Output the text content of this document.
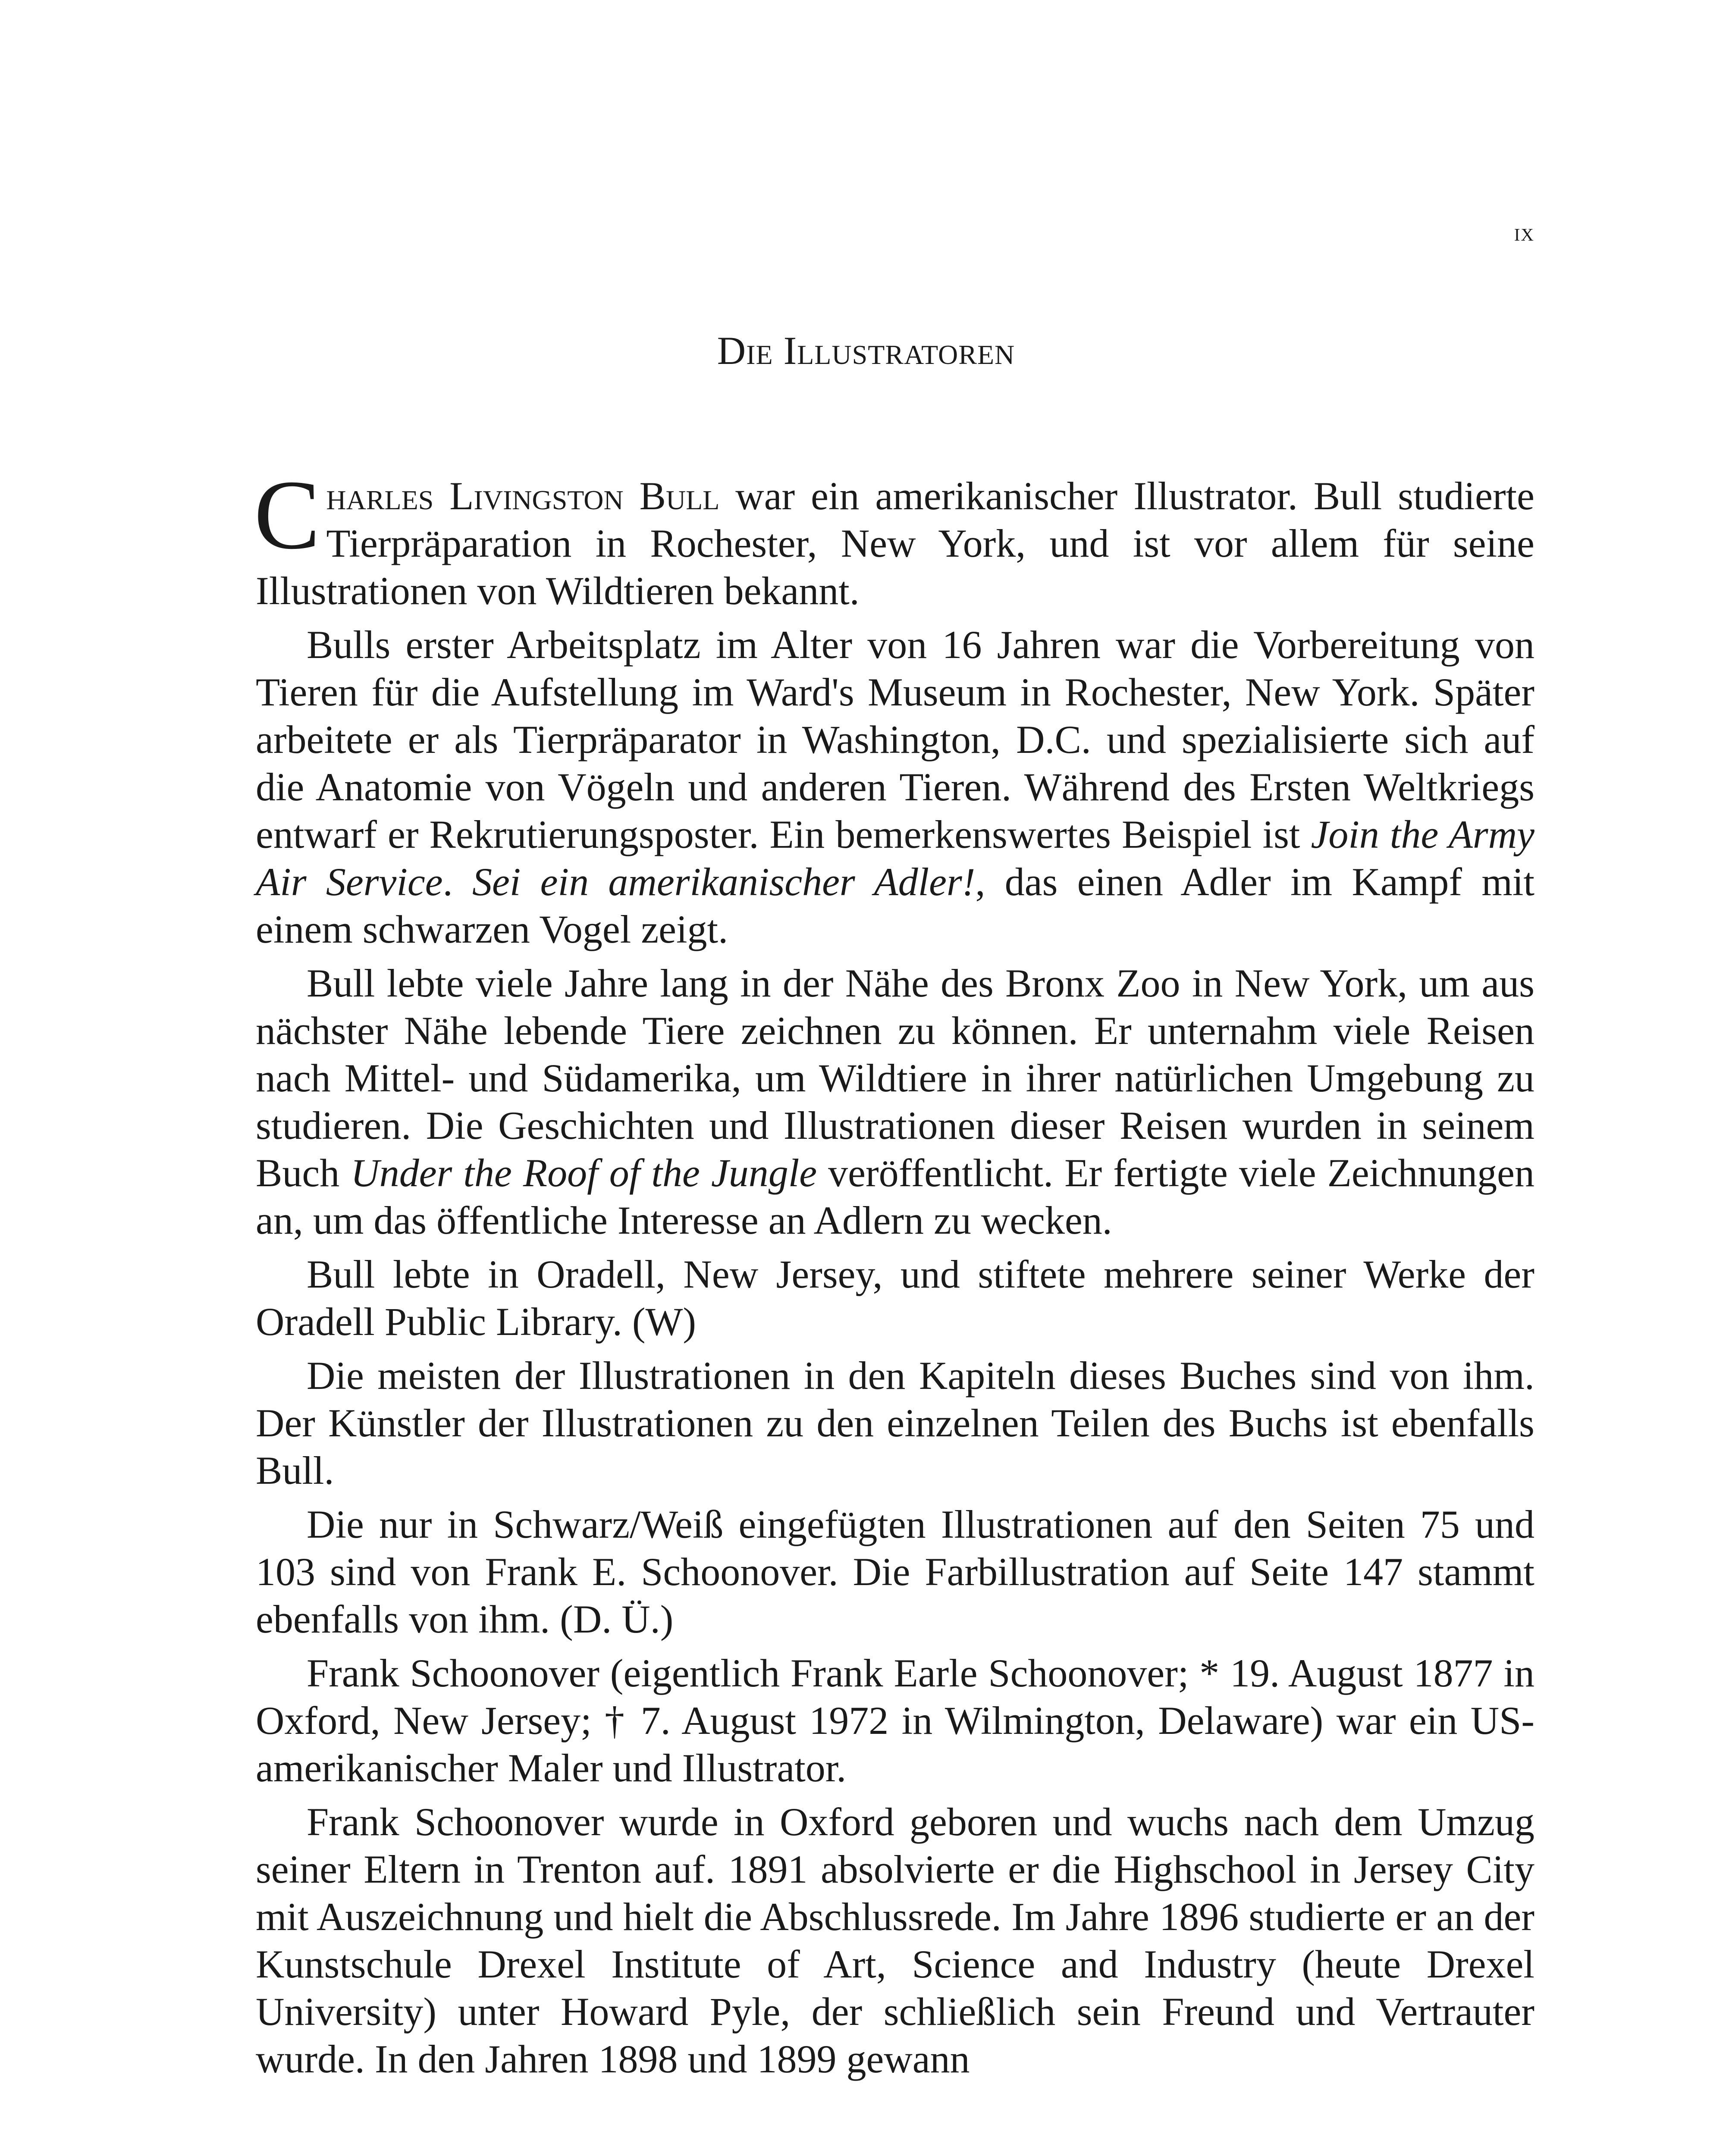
ix
Die Illustratoren

Charles Livingston Bull war ein amerikanischer Illustrator. Bull studierte Tierpräparation in Rochester, New York, und ist vor allem für seine Illustrationen von Wildtieren bekannt.

Bulls erster Arbeitsplatz im Alter von 16 Jahren war die Vorbereitung von Tieren für die Aufstellung im Ward's Museum in Rochester, New York. Später arbeitete er als Tierpräparator in Washington, D.C. und spezialisierte sich auf die Anatomie von Vögeln und anderen Tieren. Während des Ersten Weltkriegs entwarf er Rekrutierungsposter. Ein bemerkenswertes Beispiel ist Join the Army Air Service. Sei ein amerikanischer Adler!, das einen Adler im Kampf mit einem schwarzen Vogel zeigt.

Bull lebte viele Jahre lang in der Nähe des Bronx Zoo in New York, um aus nächster Nähe lebende Tiere zeichnen zu können. Er unternahm viele Reisen nach Mittel- und Südamerika, um Wildtiere in ihrer natürlichen Umgebung zu studieren. Die Geschichten und Illustrationen dieser Reisen wurden in seinem Buch Under the Roof of the Jungle veröffentlicht. Er fertigte viele Zeichnungen an, um das öffentliche Interesse an Adlern zu wecken.

Bull lebte in Oradell, New Jersey, und stiftete mehrere seiner Werke der Oradell Public Library. (W)

Die meisten der Illustrationen in den Kapiteln dieses Buches sind von ihm. Der Künstler der Illustrationen zu den einzelnen Teilen des Buchs ist ebenfalls Bull.

Die nur in Schwarz/Weiß eingefügten Illustrationen auf den Seiten 75 und 103 sind von Frank E. Schoonover. Die Farbillustration auf Seite 147 stammt ebenfalls von ihm. (D. Ü.)

Frank Schoonover (eigentlich Frank Earle Schoonover; * 19. August 1877 in Oxford, New Jersey; † 7. August 1972 in Wilmington, Delaware) war ein US-amerikanischer Maler und Illustrator.

Frank Schoonover wurde in Oxford geboren und wuchs nach dem Umzug seiner Eltern in Trenton auf. 1891 absolvierte er die Highschool in Jersey City mit Auszeichnung und hielt die Abschlussrede. Im Jahre 1896 studierte er an der Kunstschule Drexel Institute of Art, Science and Industry (heute Drexel University) unter Howard Pyle, der schließlich sein Freund und Vertrauter wurde. In den Jahren 1898 und 1899 gewann
